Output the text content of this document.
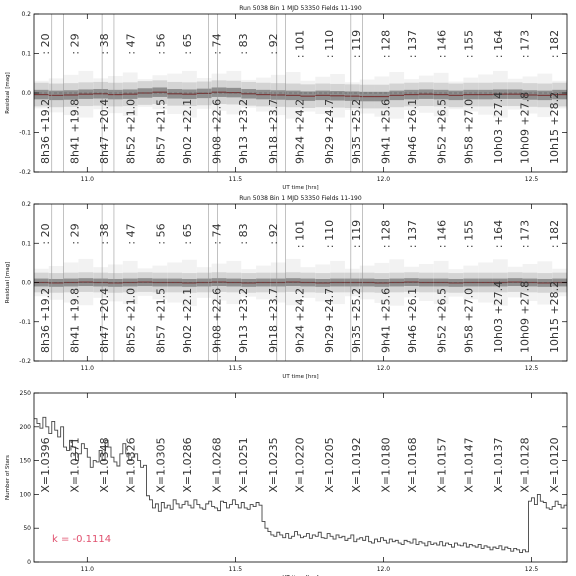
: 20 : 29 : 38 : 47 : 56 : 65 : 74 : 83 : 92 : 101 : 110 : 119 : 128 : 137 : 146 : 155 : 164 : 173 : 182
8h36 +19.2 8h41 +19.8 8h47 +20.4 8h52 +21.0 8h57 +21.5 9h02 +22.1 9h08 +22.6 9h13 +23.2 9h18 +23.7 9h24 +24.2 9h29 +24.7 9h35 +25.2 9h41 +25.6 9h46 +26.1 9h52 +26.5 9h58 +27.0 10h03 +27.4 10h09 +27.8 10h15 +28.2
11.0	11.5	12.0	12.5
-0.2
-0.1
0.0
0.1
0.2
Run 5038 Bin 1 MJD 53350 Fields 11-190
UT time [hrs]
Residual [mag]
: 20 : 29 : 38 : 47 : 56 : 65 : 74 : 83 : 92 : 101 : 110 : 119 : 128 : 137 : 146 : 155 : 164 : 173 : 182
8h36 +19.2 8h41 +19.8 8h47 +20.4 8h52 +21.0 8h57 +21.5 9h02 +22.1 9h08 +22.6 9h13 +23.2 9h18 +23.7 9h24 +24.2 9h29 +24.7 9h35 +25.2 9h41 +25.6 9h46 +26.1 9h52 +26.5 9h58 +27.0 10h03 +27.4 10h09 +27.8 10h15 +28.2
11.0	11.5	12.0	12.5
-0.2
-0.1
0.0
0.1
0.2
Run 5038 Bin 1 MJD 53350 Fields 11-190
UT time [hrs]
Residual [mag]
X=1.0396 X=1.0371 X=1.0348 X=1.0326 X=1.0305 X=1.0286 X=1.0268 X=1.0251 X=1.0235 X=1.0220 X=1.0205 X=1.0192 X=1.0180 X=1.0168 X=1.0157 X=1.0147 X=1.0137 X=1.0128 X=1.0120
k = -0.1114
11.0	11.5	12.0	12.5
0
50
100
150
200
250
Number of Stars
